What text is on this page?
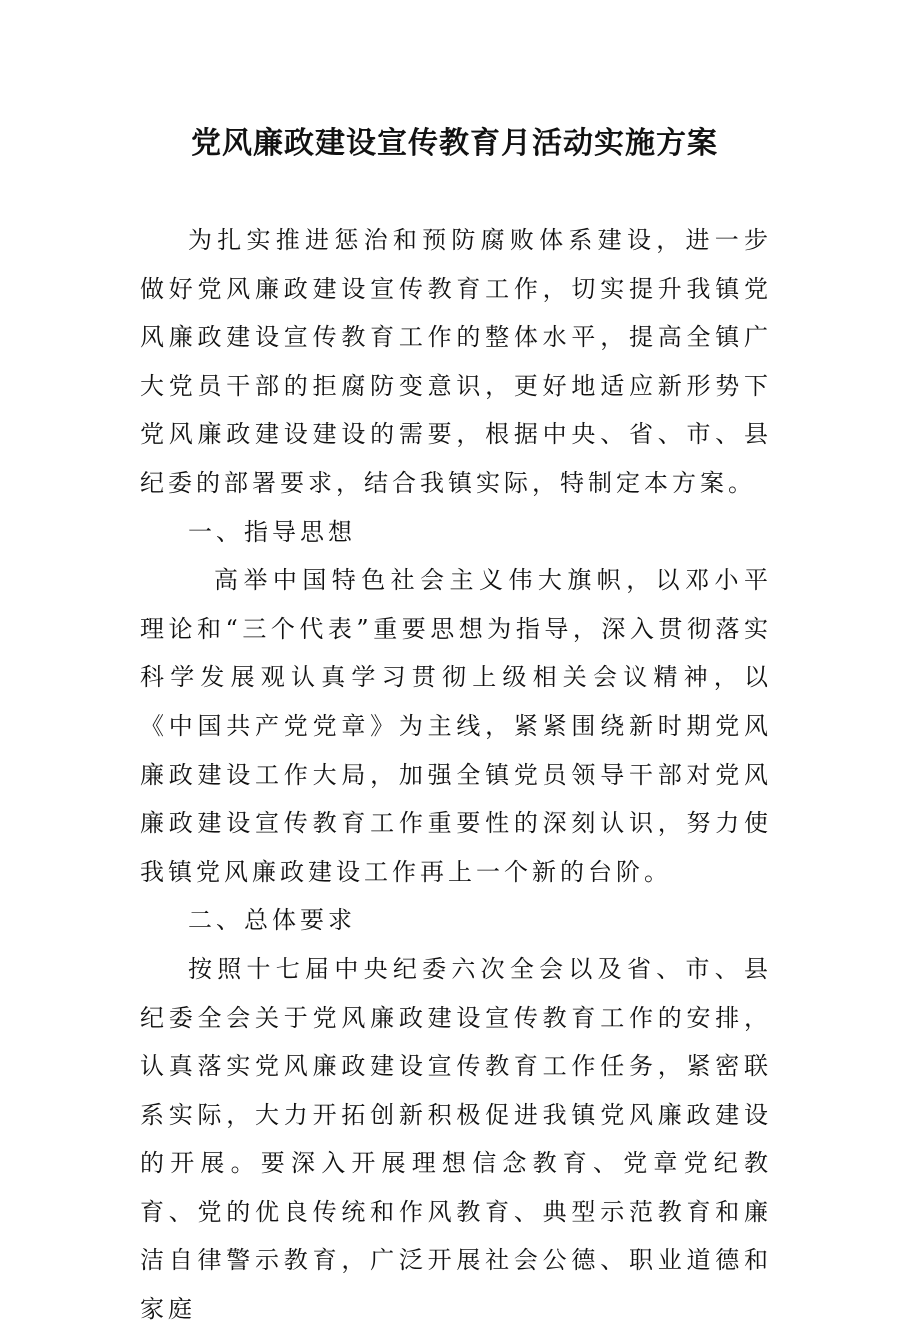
党风廉政建设宣传教育月活动实施方案

为扎实推进惩治和预防腐败体系建设，进一步做好党风廉政建设宣传教育工作，切实提升我镇党风廉政建设宣传教育工作的整体水平，提高全镇广大党员干部的拒腐防变意识，更好地适应新形势下党风廉政建设建设的需要，根据中央、省、市、县纪委的部署要求，结合我镇实际，特制定本方案。

一、指导思想

高举中国特色社会主义伟大旗帜，以邓小平理论和“三个代表”重要思想为指导，深入贯彻落实科学发展观认真学习贯彻上级相关会议精神，以《中国共产党党章》为主线，紧紧围绕新时期党风廉政建设工作大局，加强全镇党员领导干部对党风廉政建设宣传教育工作重要性的深刻认识，努力使我镇党风廉政建设工作再上一个新的台阶。

二、总体要求

按照十七届中央纪委六次全会以及省、市、县纪委全会关于党风廉政建设宣传教育工作的安排，认真落实党风廉政建设宣传教育工作任务，紧密联系实际，大力开拓创新积极促进我镇党风廉政建设的开展。要深入开展理想信念教育、党章党纪教育、党的优良传统和作风教育、典型示范教育和廉洁自律警示教育，广泛开展社会公德、职业道德和家庭
